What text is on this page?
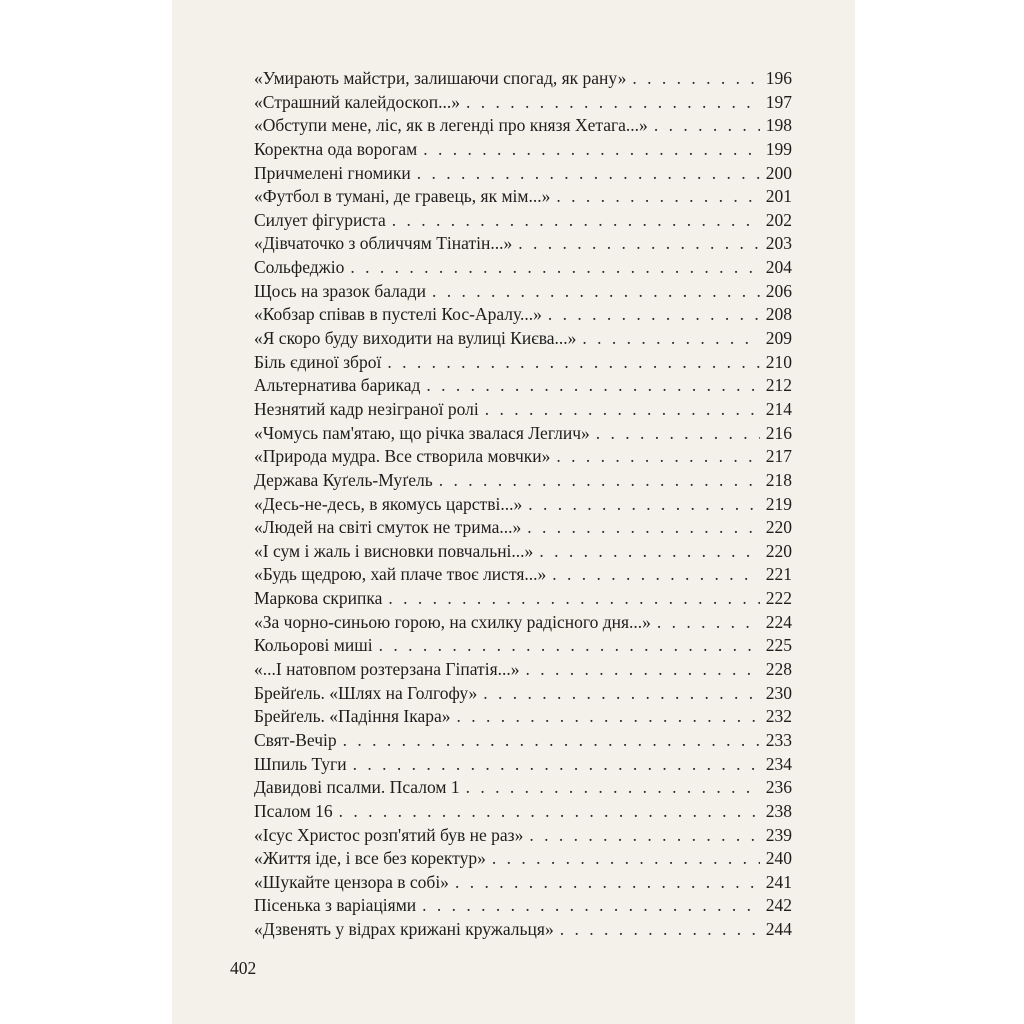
«Умирають майстри, залишаючи спогад, як рану» . . .	196
«Страшний калейдоскоп...» . . .	197
«Обступи мене, ліс, як в легенді про князя Хетага...» . . .	198
Коректна ода ворогам . . .	199
Причмелені гномики . . .	200
«Футбол в тумані, де гравець, як мім...» . . .	201
Силует фігуриста . . .	202
«Дівчаточко з обличчям Тінатін...» . . .	203
Сольфеджіо . . .	204
Щось на зразок балади . . .	206
«Кобзар співав в пустелі Кос-Аралу...» . . .	208
«Я скоро буду виходити на вулиці Києва...» . . .	209
Біль єдиної зброї . . .	210
Альтернатива барикад . . .	212
Незнятий кадр незіграної ролі . . .	214
«Чомусь пам'ятаю, що річка звалася Леглич» . . .	216
«Природа мудра. Все створила мовчки» . . .	217
Держава Куґель-Муґель . . .	218
«Десь-не-десь, в якомусь царстві...» . . .	219
«Людей на світі смуток не трима...» . . .	220
«І сум і жаль і висновки повчальні...» . . .	220
«Будь щедрою, хай плаче твоє листя...» . . .	221
Маркова скрипка . . .	222
«За чорно-синьою горою, на схилку радісного дня...» . . .	224
Кольорові миші . . .	225
«...І натовпом розтерзана Гіпатія...» . . .	228
Брейґель. «Шлях на Голгофу» . . .	230
Брейґель. «Падіння Ікара» . . .	232
Свят-Вечір . . .	233
Шпиль Туги . . .	234
Давидові псалми. Псалом 1 . . .	236
Псалом 16 . . .	238
«Ісус Христос розп'ятий був не раз» . . .	239
«Життя іде, і все без коректур» . . .	240
«Шукайте цензора в собі» . . .	241
Пісенька з варіаціями . . .	242
«Дзвенять у відрах крижані кружальця» . . .	244
402
